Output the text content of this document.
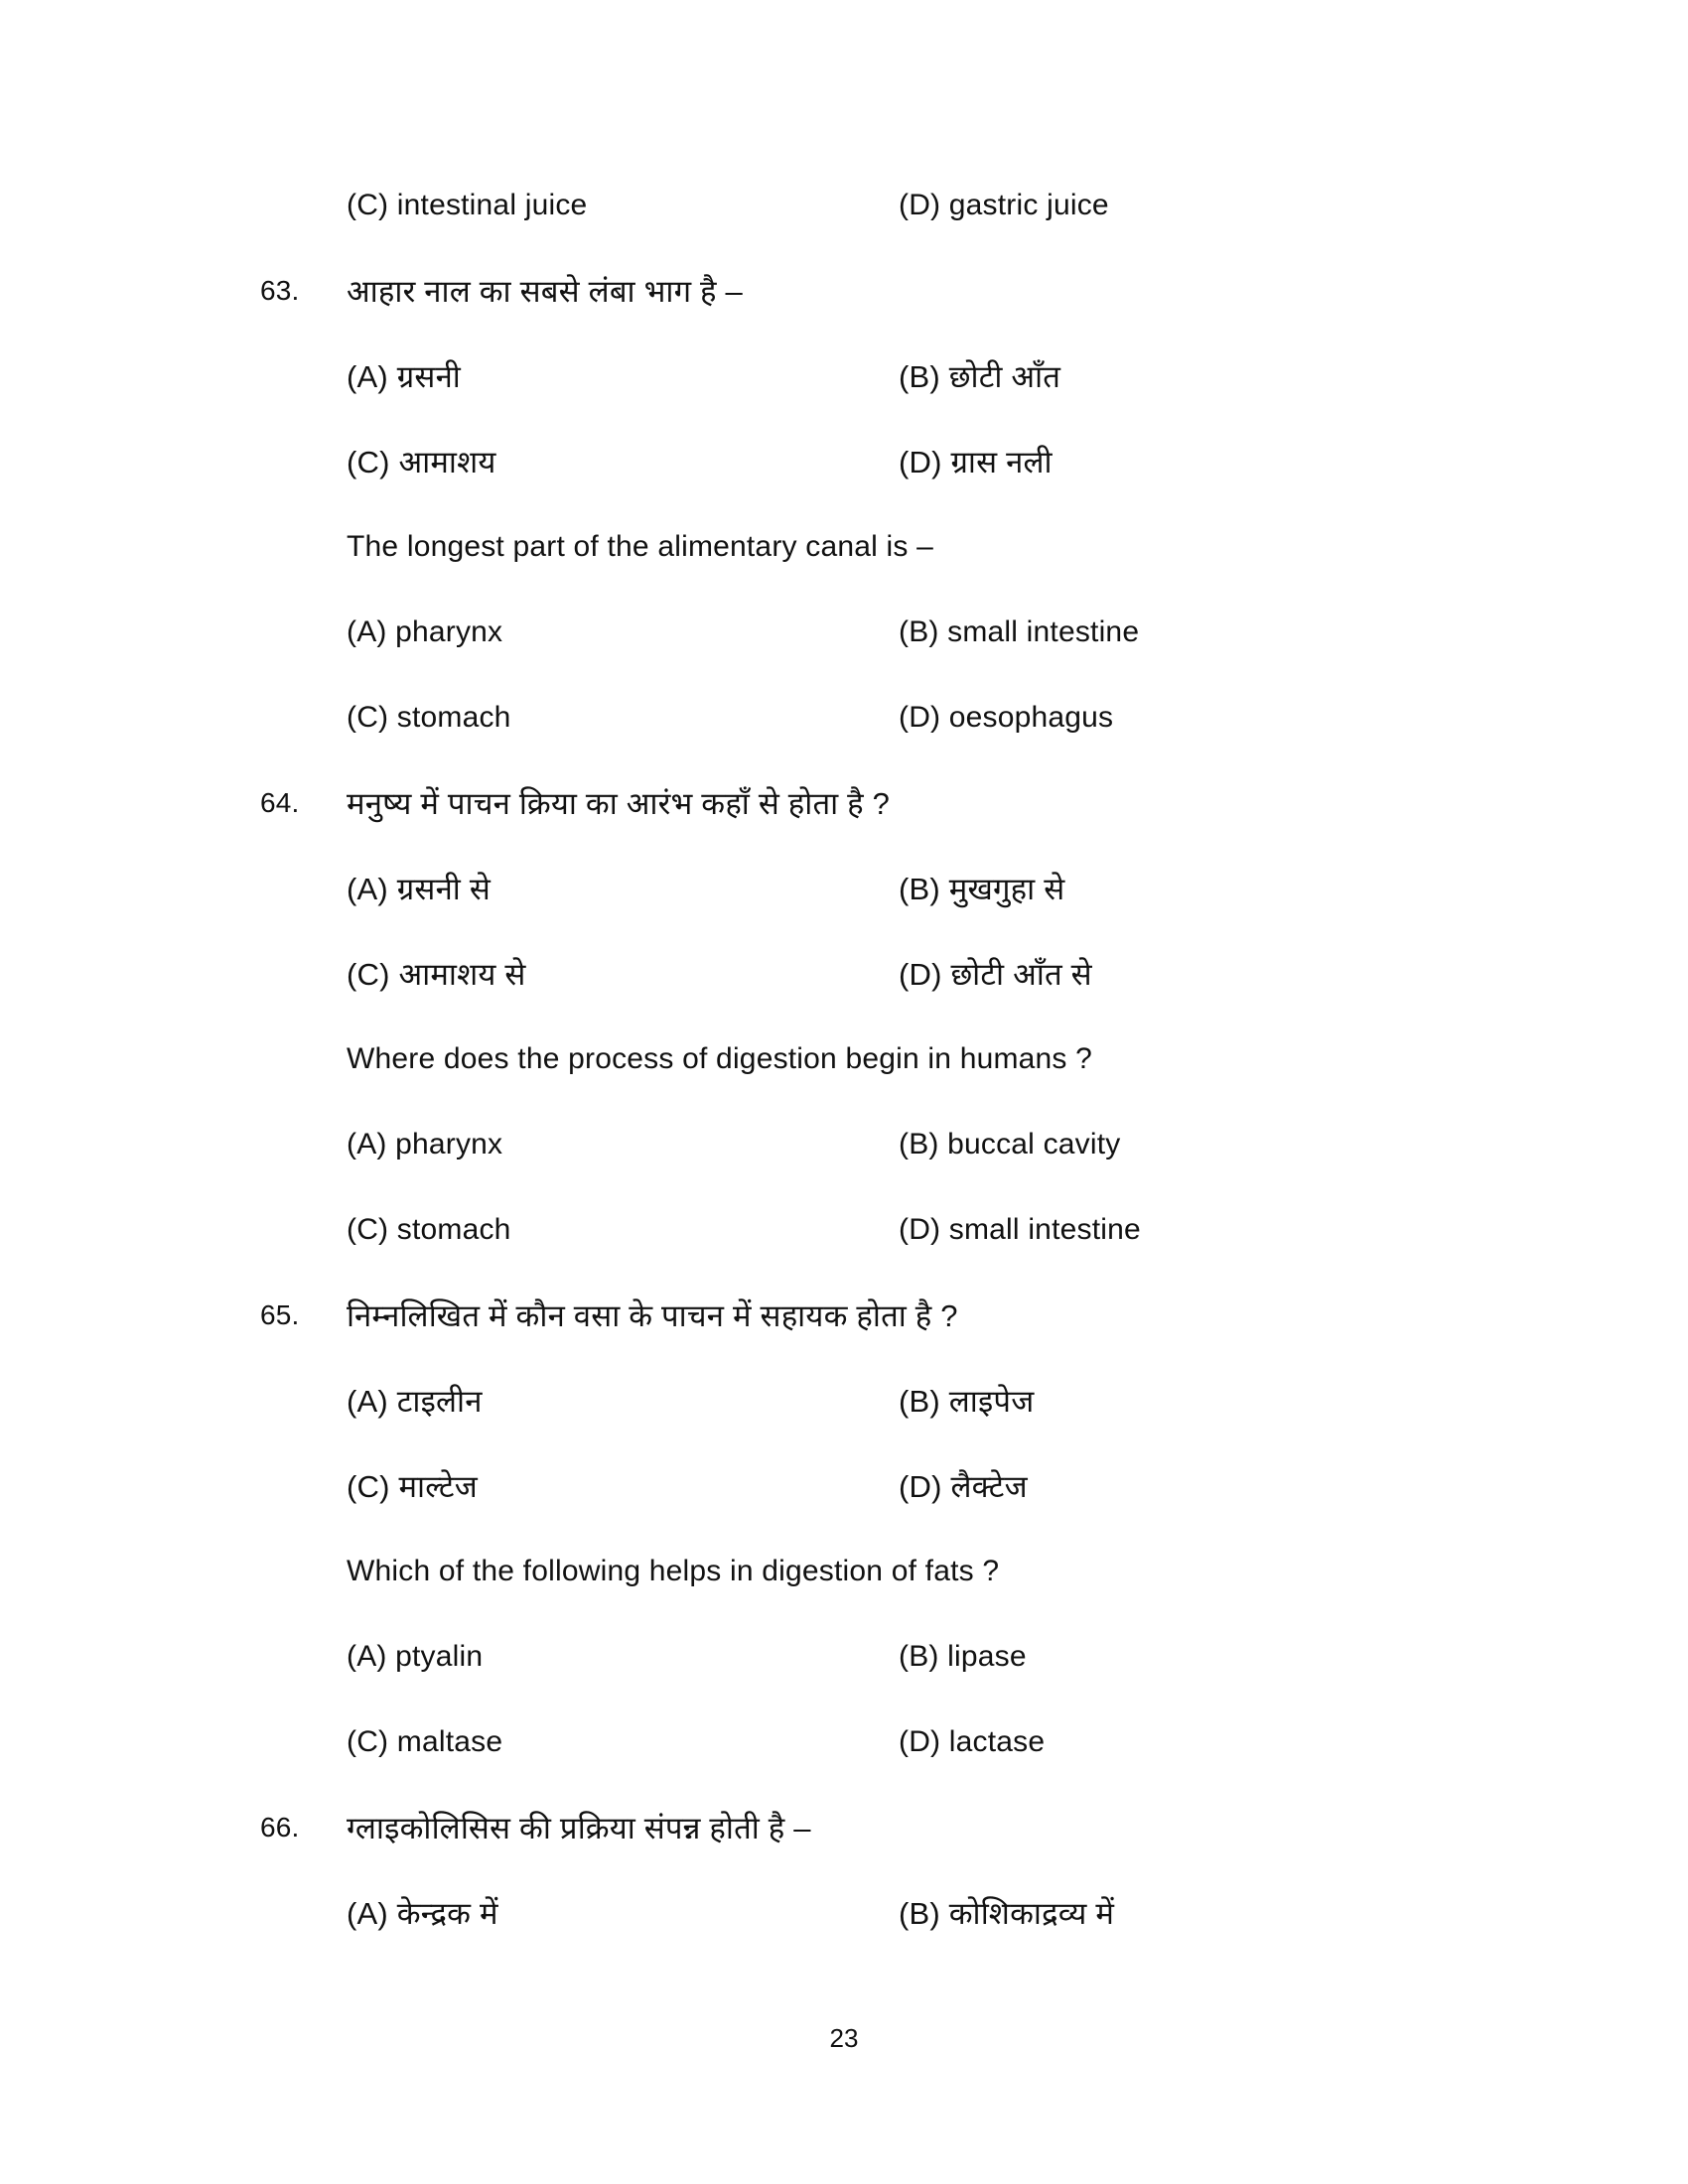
(C) intestinal juice	(D) gastric juice
63. आहार नाल का सबसे लंबा भाग है –
(A) ग्रसनी	(B) छोटी आँत
(C) आमाशय	(D) ग्रास नली
The longest part of the alimentary canal is –
(A) pharynx	(B) small intestine
(C) stomach	(D) oesophagus
64. मनुष्य में पाचन क्रिया का आरंभ कहाँ से होता है ?
(A) ग्रसनी से	(B) मुखगुहा से
(C) आमाशय से	(D) छोटी आँत से
Where does the process of digestion begin in humans ?
(A) pharynx	(B) buccal cavity
(C) stomach	(D) small intestine
65. निम्नलिखित में कौन वसा के पाचन में सहायक होता है ?
(A) टाइलीन	(B) लाइपेज
(C) माल्टेज	(D) लैक्टेज
Which of the following helps in digestion of fats ?
(A) ptyalin	(B) lipase
(C) maltase	(D) lactase
66. ग्लाइकोलिसिस की प्रक्रिया संपन्न होती है –
(A) केन्द्रक में	(B) कोशिकाद्रव्य में
23
